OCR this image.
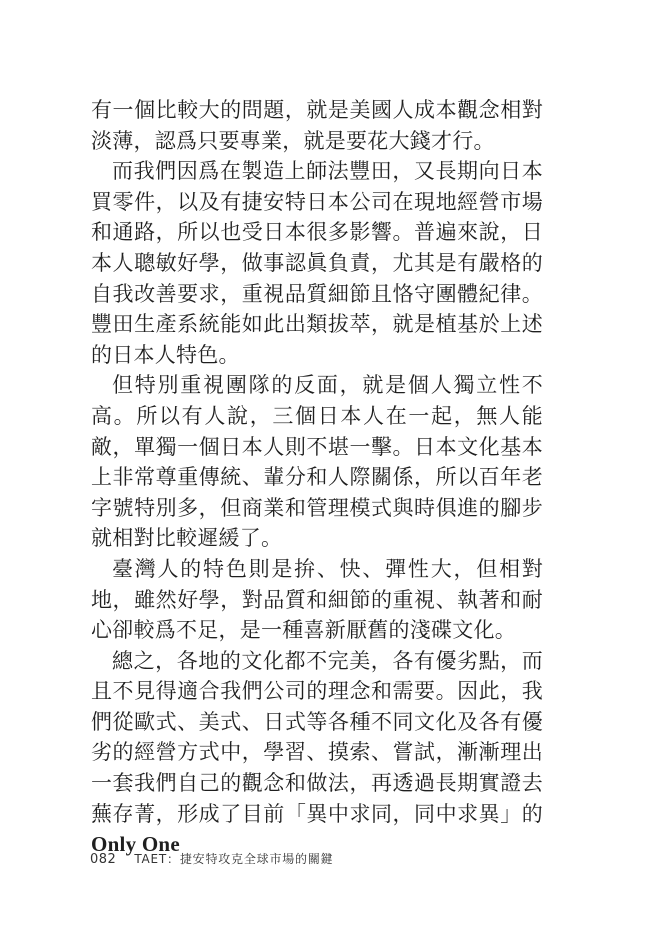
有一個比較大的問題，就是美國人成本觀念相對淡薄，認爲只要專業，就是要花大錢才行。

而我們因爲在製造上師法豐田，又長期向日本買零件，以及有捷安特日本公司在現地經營市場和通路，所以也受日本很多影響。普遍來說，日本人聰敏好學，做事認眞負責，尤其是有嚴格的自我改善要求，重視品質細節且恪守團體紀律。豐田生產系統能如此出類拔萃，就是植基於上述的日本人特色。

但特別重視團隊的反面，就是個人獨立性不高。所以有人說，三個日本人在一起，無人能敵，單獨一個日本人則不堪一擊。日本文化基本上非常尊重傳統、輩分和人際關係，所以百年老字號特別多，但商業和管理模式與時俱進的腳步就相對比較遲緩了。

臺灣人的特色則是拚、快、彈性大，但相對地，雖然好學，對品質和細節的重視、執著和耐心卻較爲不足，是一種喜新厭舊的淺碟文化。

總之，各地的文化都不完美，各有優劣點，而且不見得適合我們公司的理念和需要。因此，我們從歐式、美式、日式等各種不同文化及各有優劣的經營方式中，學習、摸索、嘗試，漸漸理出一套我們自己的觀念和做法，再透過長期實證去蕪存菁，形成了目前「異中求同，同中求異」的Only One

082 TAET：捷安特攻克全球市場的關鍵
